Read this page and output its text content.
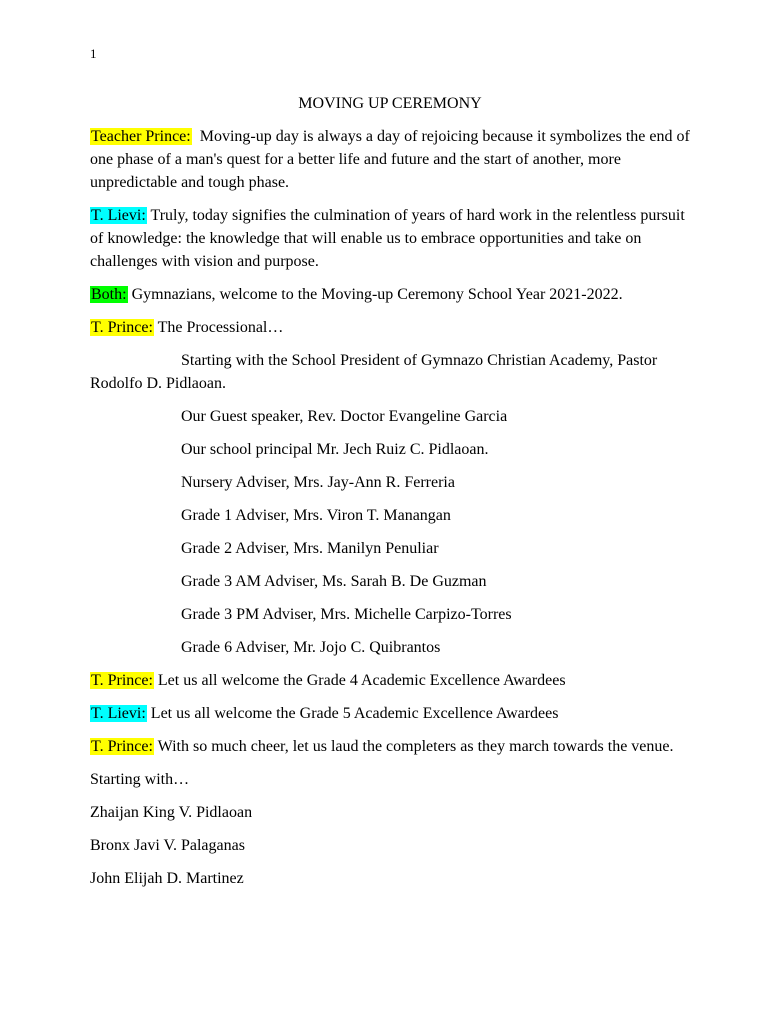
1
MOVING UP CEREMONY

Teacher Prince:  Moving-up day is always a day of rejoicing because it symbolizes the end of one phase of a man's quest for a better life and future and the start of another, more unpredictable and tough phase.

T. Lievi: Truly, today signifies the culmination of years of hard work in the relentless pursuit of knowledge: the knowledge that will enable us to embrace opportunities and take on challenges with vision and purpose.

Both: Gymnazians, welcome to the Moving-up Ceremony School Year 2021-2022.

T. Prince: The Processional…

Starting with the School President of Gymnazo Christian Academy, Pastor Rodolfo D. Pidlaoan.

Our Guest speaker, Rev. Doctor Evangeline Garcia

Our school principal Mr. Jech Ruiz C. Pidlaoan.

Nursery Adviser, Mrs. Jay-Ann R. Ferreria

Grade 1 Adviser, Mrs. Viron T. Manangan

Grade 2 Adviser, Mrs. Manilyn Penuliar

Grade 3 AM Adviser, Ms. Sarah B. De Guzman

Grade 3 PM Adviser, Mrs. Michelle Carpizo-Torres

Grade 6 Adviser, Mr. Jojo C. Quibrantos

T. Prince: Let us all welcome the Grade 4 Academic Excellence Awardees

T. Lievi: Let us all welcome the Grade 5 Academic Excellence Awardees

T. Prince: With so much cheer, let us laud the completers as they march towards the venue.

Starting with…

Zhaijan King V. Pidlaoan

Bronx Javi V. Palaganas

John Elijah D. Martinez
